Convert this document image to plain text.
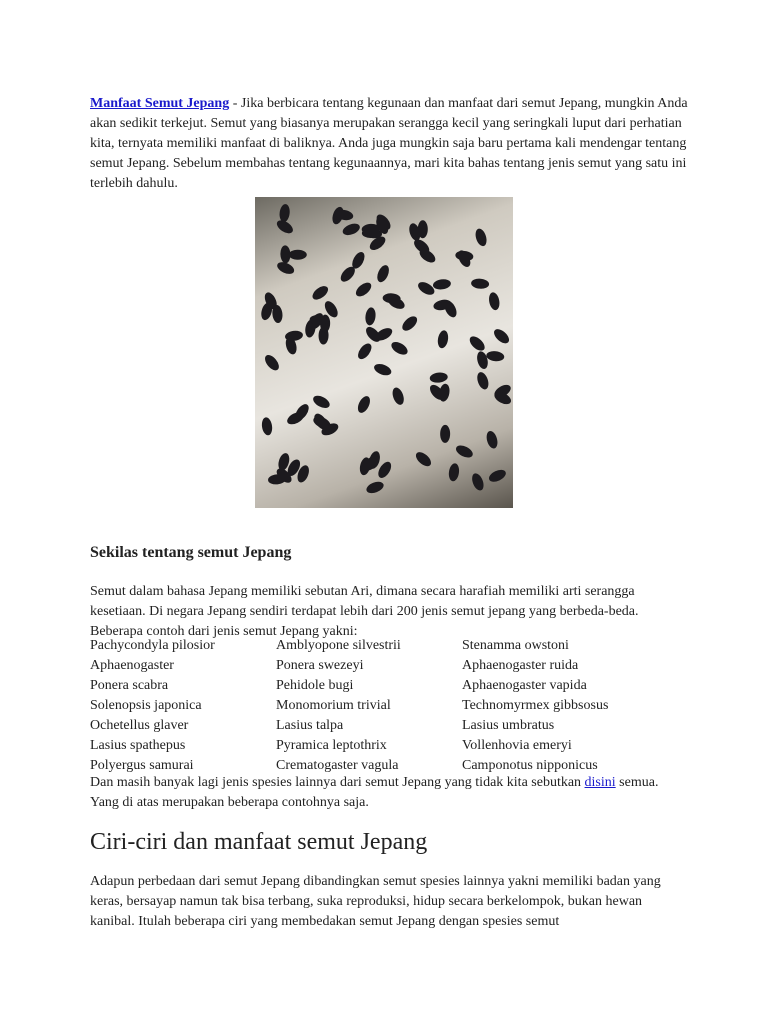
Manfaat Semut Jepang - Jika berbicara tentang kegunaan dan manfaat dari semut Jepang, mungkin Anda akan sedikit terkejut. Semut yang biasanya merupakan serangga kecil yang seringkali luput dari perhatian kita, ternyata memiliki manfaat di baliknya. Anda juga mungkin saja baru pertama kali mendengar tentang semut Jepang. Sebelum membahas tentang kegunaannya, mari kita bahas tentang jenis semut yang satu ini terlebih dahulu.
Sekilas tentang semut Jepang
Semut dalam bahasa Jepang memiliki sebutan Ari, dimana secara harafiah memiliki arti serangga kesetiaan. Di negara Jepang sendiri terdapat lebih dari 200 jenis semut jepang yang berbeda-beda. Beberapa contoh dari jenis semut Jepang yakni:
Pachycondyla pilosior	Amblyopone silvestrii	Stenamma owstoni
Aphaenogaster	Ponera swezeyi	Aphaenogaster ruida
Ponera scabra	Pehidole bugi	Aphaenogaster vapida
Solenopsis japonica	Monomorium trivial	Technomyrmex gibbsosus
Ochetellus glaver	Lasius talpa	Lasius umbratus
Lasius spathepus	Pyramica leptothrix	Vollenhovia emeryi
Polyergus samurai	Crematogaster vagula	Camponotus nipponicus
Dan masih banyak lagi jenis spesies lainnya dari semut Jepang yang tidak kita sebutkan disini semua. Yang di atas merupakan beberapa contohnya saja.
Ciri-ciri dan manfaat semut Jepang
Adapun perbedaan dari semut Jepang dibandingkan semut spesies lainnya yakni memiliki badan yang keras, bersayap namun tak bisa terbang, suka reproduksi, hidup secara berkelompok, bukan hewan kanibal. Itulah beberapa ciri yang membedakan semut Jepang dengan spesies semut
